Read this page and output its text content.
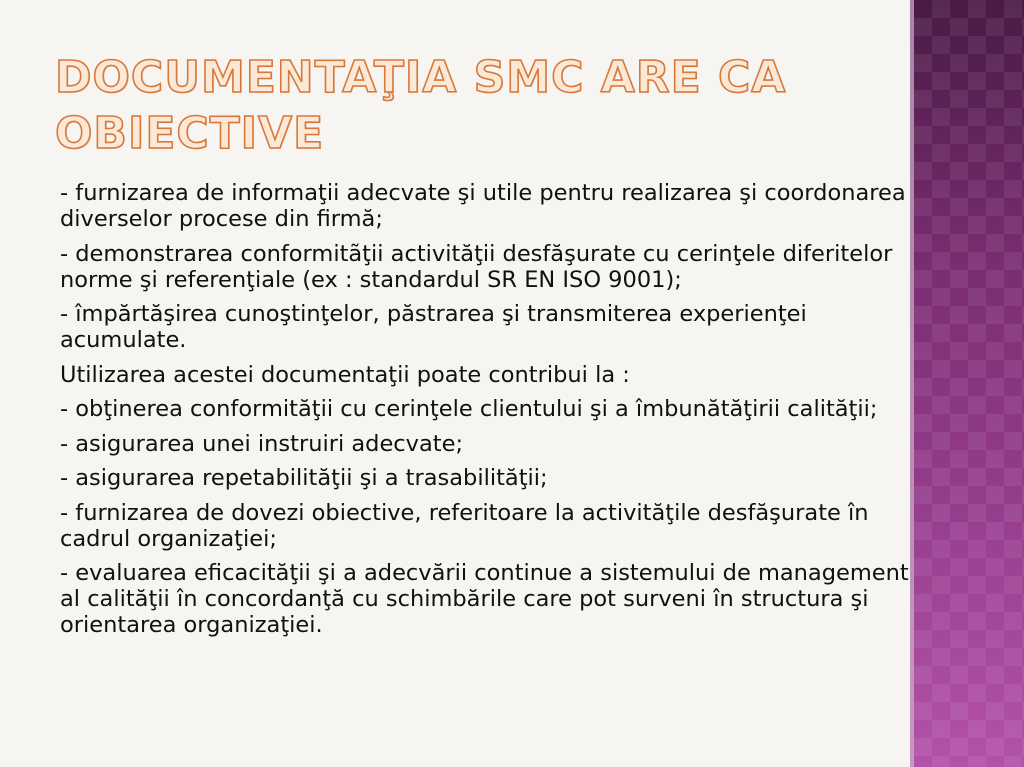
DOCUMENTAŢIA SMC ARE CA OBIECTIVE

- furnizarea de informaţii adecvate şi utile pentru realizarea şi coordonarea diverselor procese din firmă;

- demonstrarea conformitãţii activităţii desfăşurate cu cerinţele diferitelor norme şi referenţiale (ex : standardul SR EN ISO 9001);

- împărtăşirea cunoştinţelor, păstrarea şi transmiterea experienţei acumulate.

Utilizarea acestei documentaţii poate contribui la :

- obţinerea conformităţii cu cerinţele clientului şi a îmbunătăţirii calităţii;

- asigurarea unei instruiri adecvate;

- asigurarea repetabilităţii şi a trasabilităţii;

- furnizarea de dovezi obiective, referitoare la activităţile desfăşurate în cadrul organizaţiei;

- evaluarea eficacităţii şi a adecvării continue a sistemului de management al calităţii în concordanţă cu schimbările care pot surveni în structura şi orientarea organizaţiei.
